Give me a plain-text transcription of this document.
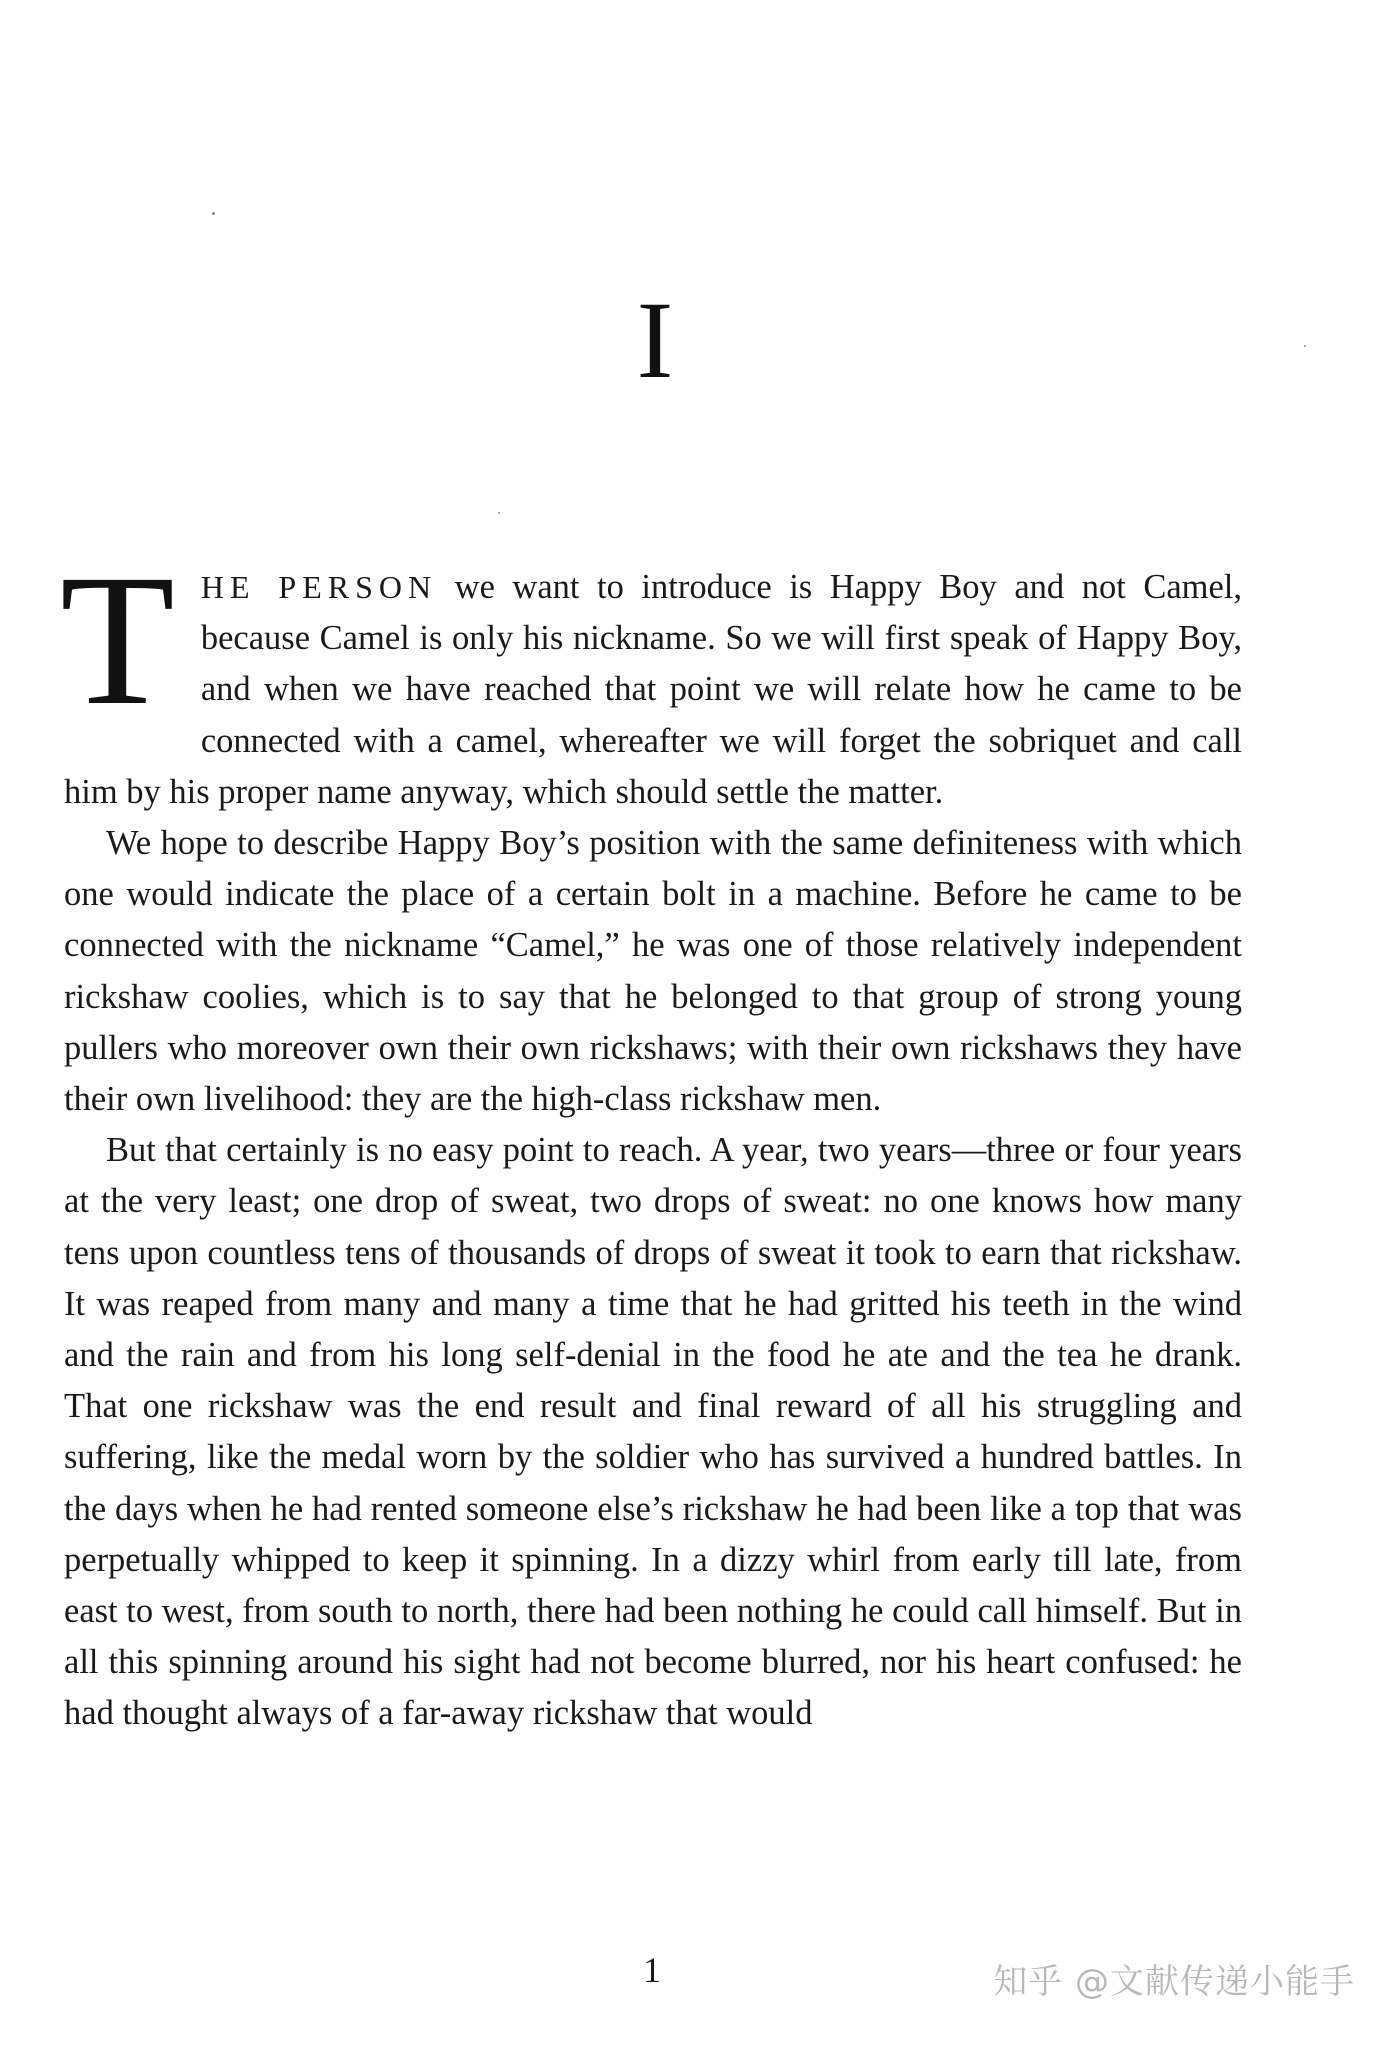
I

THE PERSON we want to introduce is Happy Boy and not Camel, because Camel is only his nickname. So we will first speak of Happy Boy, and when we have reached that point we will relate how he came to be connected with a camel, whereafter we will forget the sobriquet and call him by his proper name anyway, which should settle the matter.

We hope to describe Happy Boy’s position with the same definiteness with which one would indicate the place of a certain bolt in a machine. Before he came to be connected with the nickname “Camel,” he was one of those relatively independent rickshaw coolies, which is to say that he belonged to that group of strong young pullers who moreover own their own rickshaws; with their own rickshaws they have their own livelihood: they are the high-class rickshaw men.

But that certainly is no easy point to reach. A year, two years—three or four years at the very least; one drop of sweat, two drops of sweat: no one knows how many tens upon countless tens of thousands of drops of sweat it took to earn that rickshaw. It was reaped from many and many a time that he had gritted his teeth in the wind and the rain and from his long self-denial in the food he ate and the tea he drank. That one rickshaw was the end result and final reward of all his struggling and suffering, like the medal worn by the soldier who has survived a hundred battles. In the days when he had rented someone else’s rickshaw he had been like a top that was perpetually whipped to keep it spinning. In a dizzy whirl from early till late, from east to west, from south to north, there had been nothing he could call himself. But in all this spinning around his sight had not become blurred, nor his heart confused: he had thought always of a far-away rickshaw that would

1	知乎 @文献传递小能手
